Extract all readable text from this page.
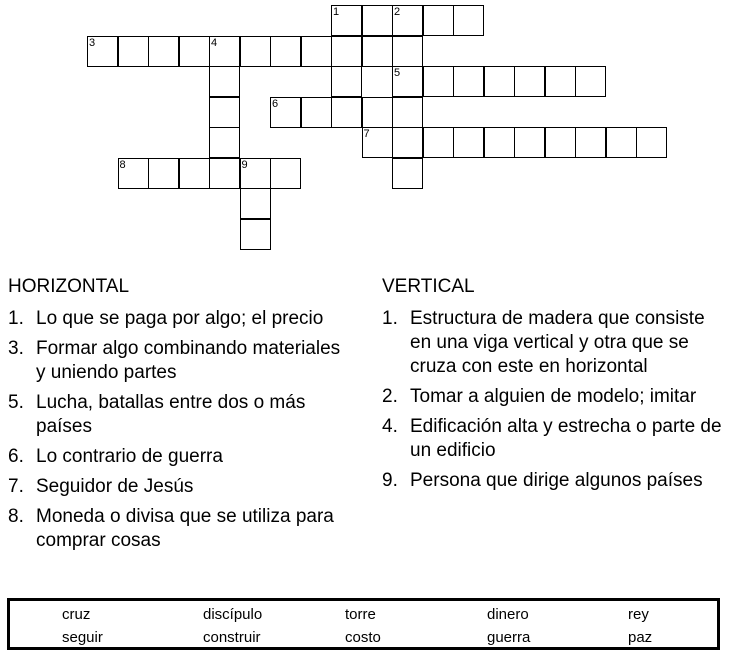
1	2
3	4
5
6
7
8	9
HORIZONTAL
1. Lo que se paga por algo; el precio
3. Formar algo combinando materiales y uniendo partes
5. Lucha, batallas entre dos o más países
6. Lo contrario de guerra
7. Seguidor de Jesús
8. Moneda o divisa que se utiliza para comprar cosas
VERTICAL
1. Estructura de madera que consiste en una viga vertical y otra que se cruza con este en horizontal
2. Tomar a alguien de modelo; imitar
4. Edificación alta y estrecha o parte de un edificio
9. Persona que dirige algunos países
cruz	discípulo	torre	dinero	rey
seguir	construir	costo	guerra	paz
